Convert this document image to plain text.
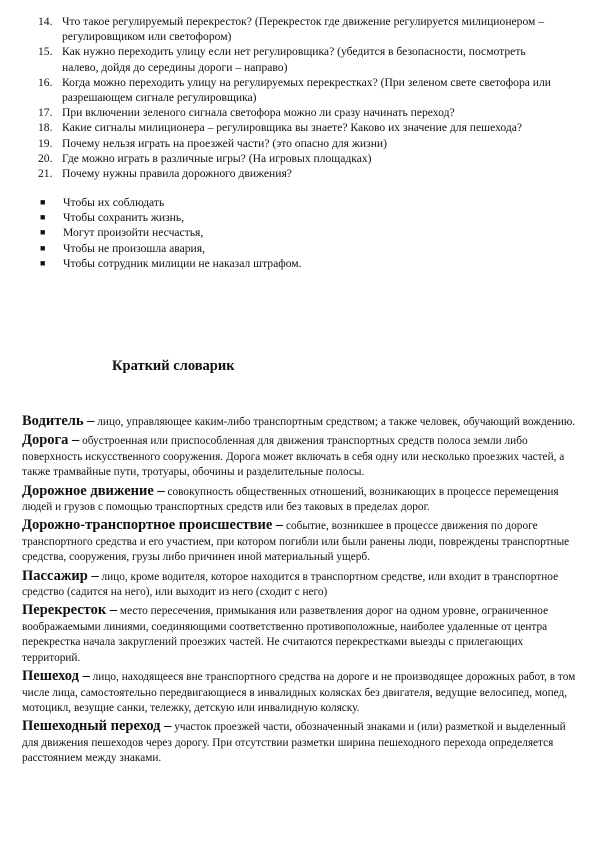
14. Что такое регулируемый перекресток? (Перекресток где движение регулируется милиционером – регулировщиком или светофором)
15. Как нужно переходить улицу если нет регулировщика? (убедится в безопасности, посмотреть налево, дойдя до середины дороги – направо)
16. Когда можно переходить улицу на регулируемых перекрестках? (При зеленом свете светофора или разрешающем сигнале регулировщика)
17. При включении зеленого сигнала светофора можно ли сразу начинать переход?
18. Какие сигналы милиционера – регулировщика вы знаете? Каково их значение для пешехода?
19. Почему нельзя играть на проезжей части? (это опасно для жизни)
20. Где можно играть в различные игры? (На игровых площадках)
21. Почему нужны правила дорожного движения?
■	Чтобы их соблюдать
■	Чтобы сохранить жизнь,
■	Могут произойти несчастья,
■	Чтобы не произошла авария,
■	Чтобы сотрудник милиции не наказал штрафом.
Краткий словарик
Водитель – лицо, управляющее каким-либо транспортным средством; а также человек, обучающий вождению.
Дорога – обустроенная или приспособленная для движения транспортных средств полоса земли либо поверхность искусственного сооружения. Дорога может включать в себя одну или несколько проезжих частей, а также трамвайные пути, тротуары, обочины и разделительные полосы.
Дорожное движение – совокупность общественных отношений, возникающих в процессе перемещения людей и грузов с помощью транспортных средств или без таковых в пределах дорог.
Дорожно-транспортное происшествие – событие, возникшее в процессе движения по дороге транспортного средства и его участием, при котором погибли или были ранены люди, повреждены транспортные средства, сооружения, грузы либо причинен иной материальный ущерб.
Пассажир – лицо, кроме водителя, которое находится в транспортном средстве, или входит в транспортное средство (садится на него), или выходит из него (сходит с него)
Перекресток – место пересечения, примыкания или разветвления дорог на одном уровне, ограниченное воображаемыми линиями, соединяющими соответственно противоположные, наиболее удаленные от центра перекрестка начала закруглений проезжих частей. Не считаются перекрестками выезды с прилегающих территорий.
Пешеход – лицо, находящееся вне транспортного средства на дороге и не производящее дорожных работ, в том числе лица, самостоятельно передвигающиеся в инвалидных колясках без двигателя, ведущие велосипед, мопед, мотоцикл, везущие санки, тележку, детскую или инвалидную коляску.
Пешеходный переход – участок проезжей части, обозначенный знаками и (или) разметкой и выделенный для движения пешеходов через дорогу. При отсутствии разметки ширина пешеходного перехода определяется расстоянием между знаками.
